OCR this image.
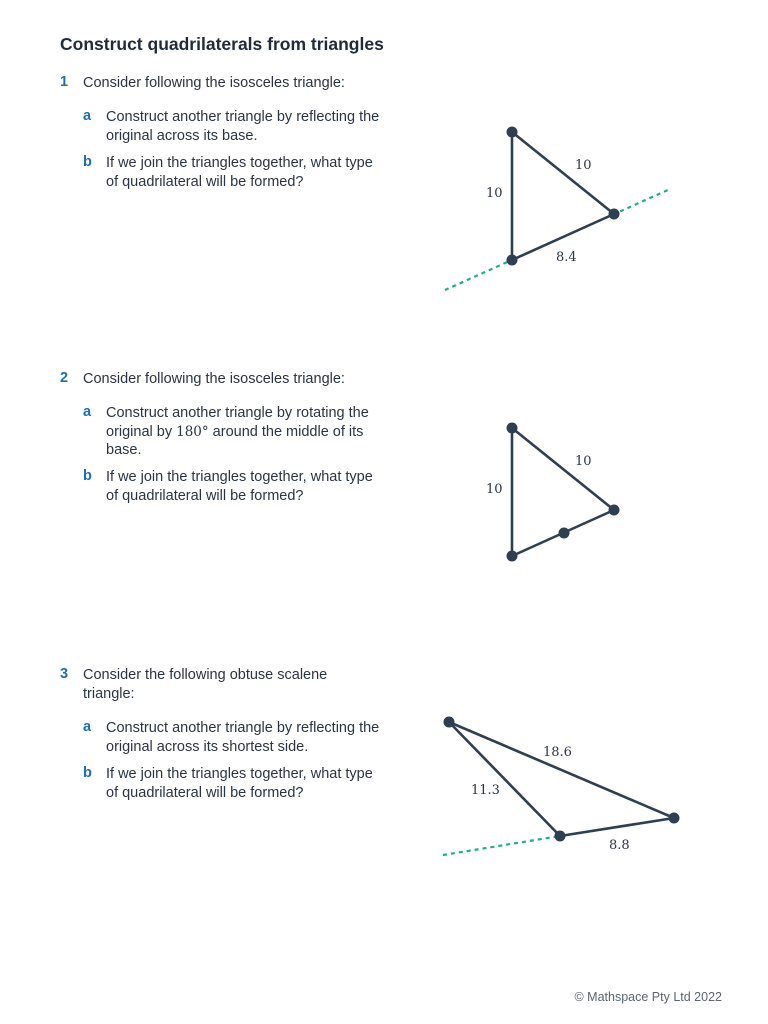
Construct quadrilaterals from triangles
1 Consider following the isosceles triangle:
a Construct another triangle by reflecting the original across its base.
b If we join the triangles together, what type of quadrilateral will be formed?
2 Consider following the isosceles triangle:
a Construct another triangle by rotating the original by 180° around the middle of its base.
b If we join the triangles together, what type of quadrilateral will be formed?
3 Consider the following obtuse scalene triangle:
a Construct another triangle by reflecting the original across its shortest side.
b If we join the triangles together, what type of quadrilateral will be formed?
10
10
8.4
10
10
18.6
11.3
8.8
© Mathspace Pty Ltd 2022
